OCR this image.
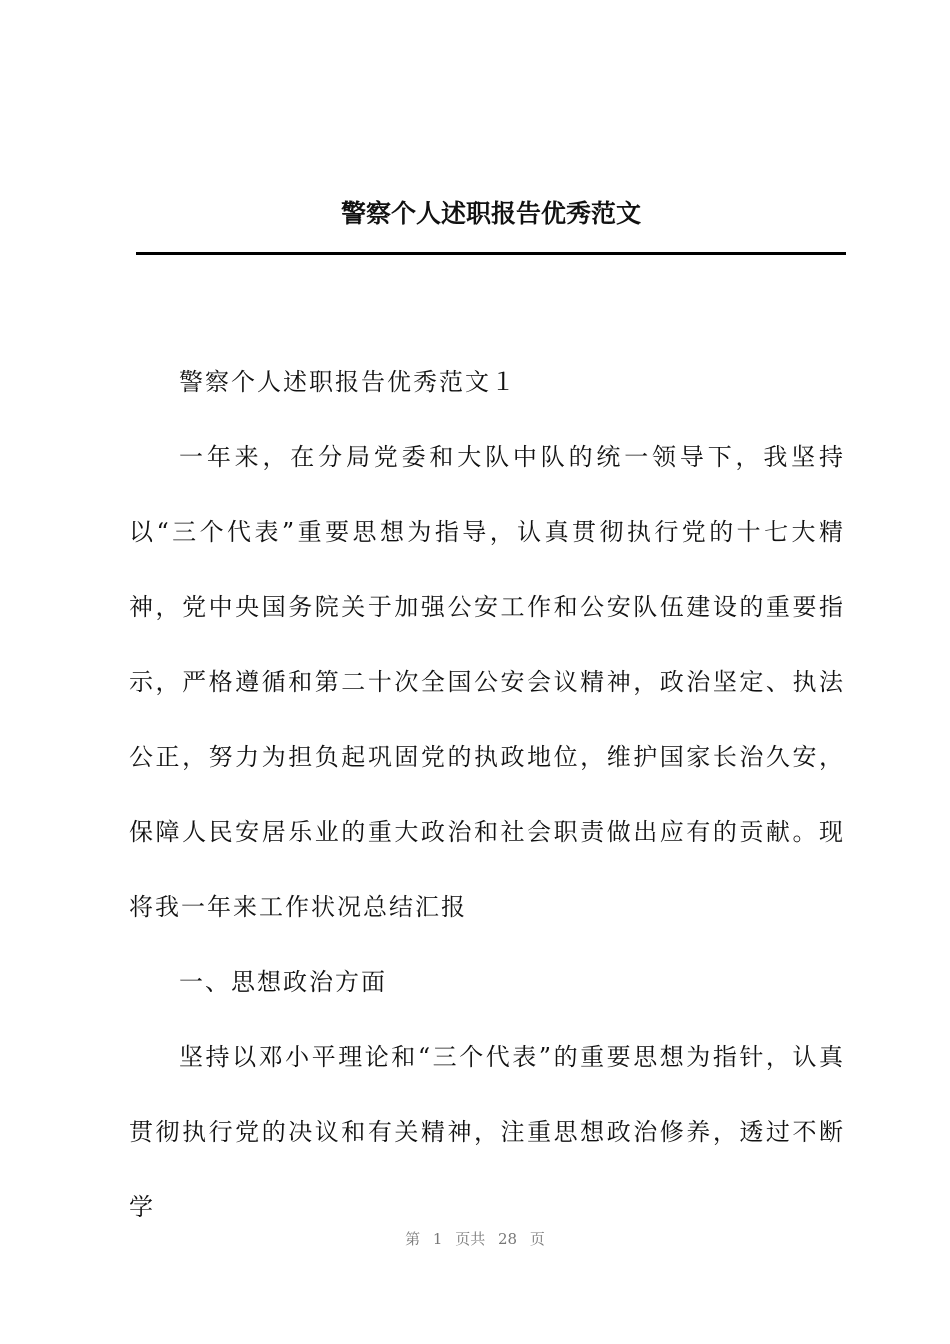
警察个人述职报告优秀范文

警察个人述职报告优秀范文１

一年来，在分局党委和大队中队的统一领导下，我坚持以“三个代表”重要思想为指导，认真贯彻执行党的十七大精神，党中央国务院关于加强公安工作和公安队伍建设的重要指示，严格遵循和第二十次全国公安会议精神，政治坚定、执法公正，努力为担负起巩固党的执政地位，维护国家长治久安，保障人民安居乐业的重大政治和社会职责做出应有的贡献。现将我一年来工作状况总结汇报

一、思想政治方面

坚持以邓小平理论和“三个代表”的重要思想为指针，认真贯彻执行党的决议和有关精神，注重思想政治修养，透过不断学

第 1 页共 28 页
